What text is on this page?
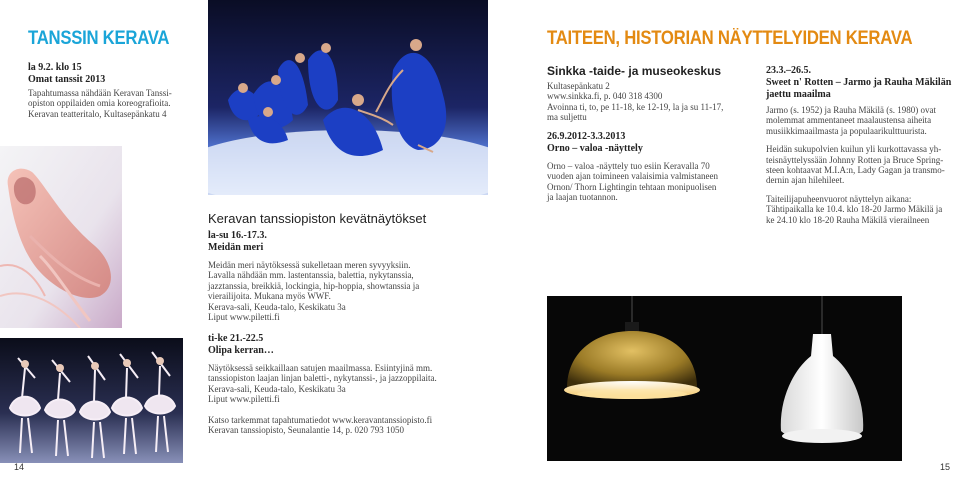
TANSSIN KERAVA
la 9.2. klo 15
Omat tanssit 2013
Tapahtumassa nähdään Keravan Tanssi-
opiston oppilaiden omia koreografioita.
Keravan teatteritalo, Kultasepänkatu 4
Keravan tanssiopiston kevätnäytökset
la-su 16.-17.3.
Meidän meri
Meidän meri näytöksessä sukelletaan meren syvyyksiin.
Lavalla nähdään mm. lastentanssia, balettia, nykytanssia,
jazztanssia, breikkiä, lockingia, hip-hoppia, showtanssia ja
vierailijoita. Mukana myös WWF.
Kerava-sali, Keuda-talo, Keskikatu 3a
Liput www.piletti.fi
ti-ke 21.-22.5
Olipa kerran…
Näytöksessä seikkaillaan satujen maailmassa. Esiintyjinä mm.
tanssiopiston laajan linjan baletti-, nykytanssi-, ja jazzoppilaita.
Kerava-sali, Keuda-talo, Keskikatu 3a
Liput www.piletti.fi
Katso tarkemmat tapahtumatiedot www.keravantanssiopisto.fi
Keravan tanssiopisto, Seunalantie 14, p. 020 793 1050
14
TAITEEN, HISTORIAN NÄYTTELYIDEN KERAVA
Sinkka -taide- ja museokeskus
Kultasepänkatu 2
www.sinkka.fi, p. 040 318 4300
Avoinna ti, to, pe 11-18, ke 12-19, la ja su 11-17,
ma suljettu
26.9.2012-3.3.2013
Orno – valoa -näyttely
Orno – valoa -näyttely tuo esiin Keravalla 70
vuoden ajan toimineen valaisimia valmistaneen
Ornon/ Thorn Lightingin tehtaan monipuolisen
ja laajan tuotannon.
23.3.–26.5.
Sweet n' Rotten – Jarmo ja Rauha Mäkilän
jaettu maailma
Jarmo (s. 1952) ja Rauha Mäkilä (s. 1980) ovat
molemmat ammentaneet maalaustensa aiheita
musiikkimaailmasta ja populaarikulttuurista.
Heidän sukupolvien kuilun yli kurkottavassa yh-
teisnäyttelyssään Johnny Rotten ja Bruce Spring-
steen kohtaavat M.I.A:n, Lady Gagan ja transmo-
dernin ajan hilehileet.
Taiteilijapuheenvuorot näyttelyn aikana:
Tähtipaikalla ke 10.4. klo 18-20 Jarmo Mäkilä ja
ke 24.10 klo 18-20 Rauha Mäkilä vierailneen
15
